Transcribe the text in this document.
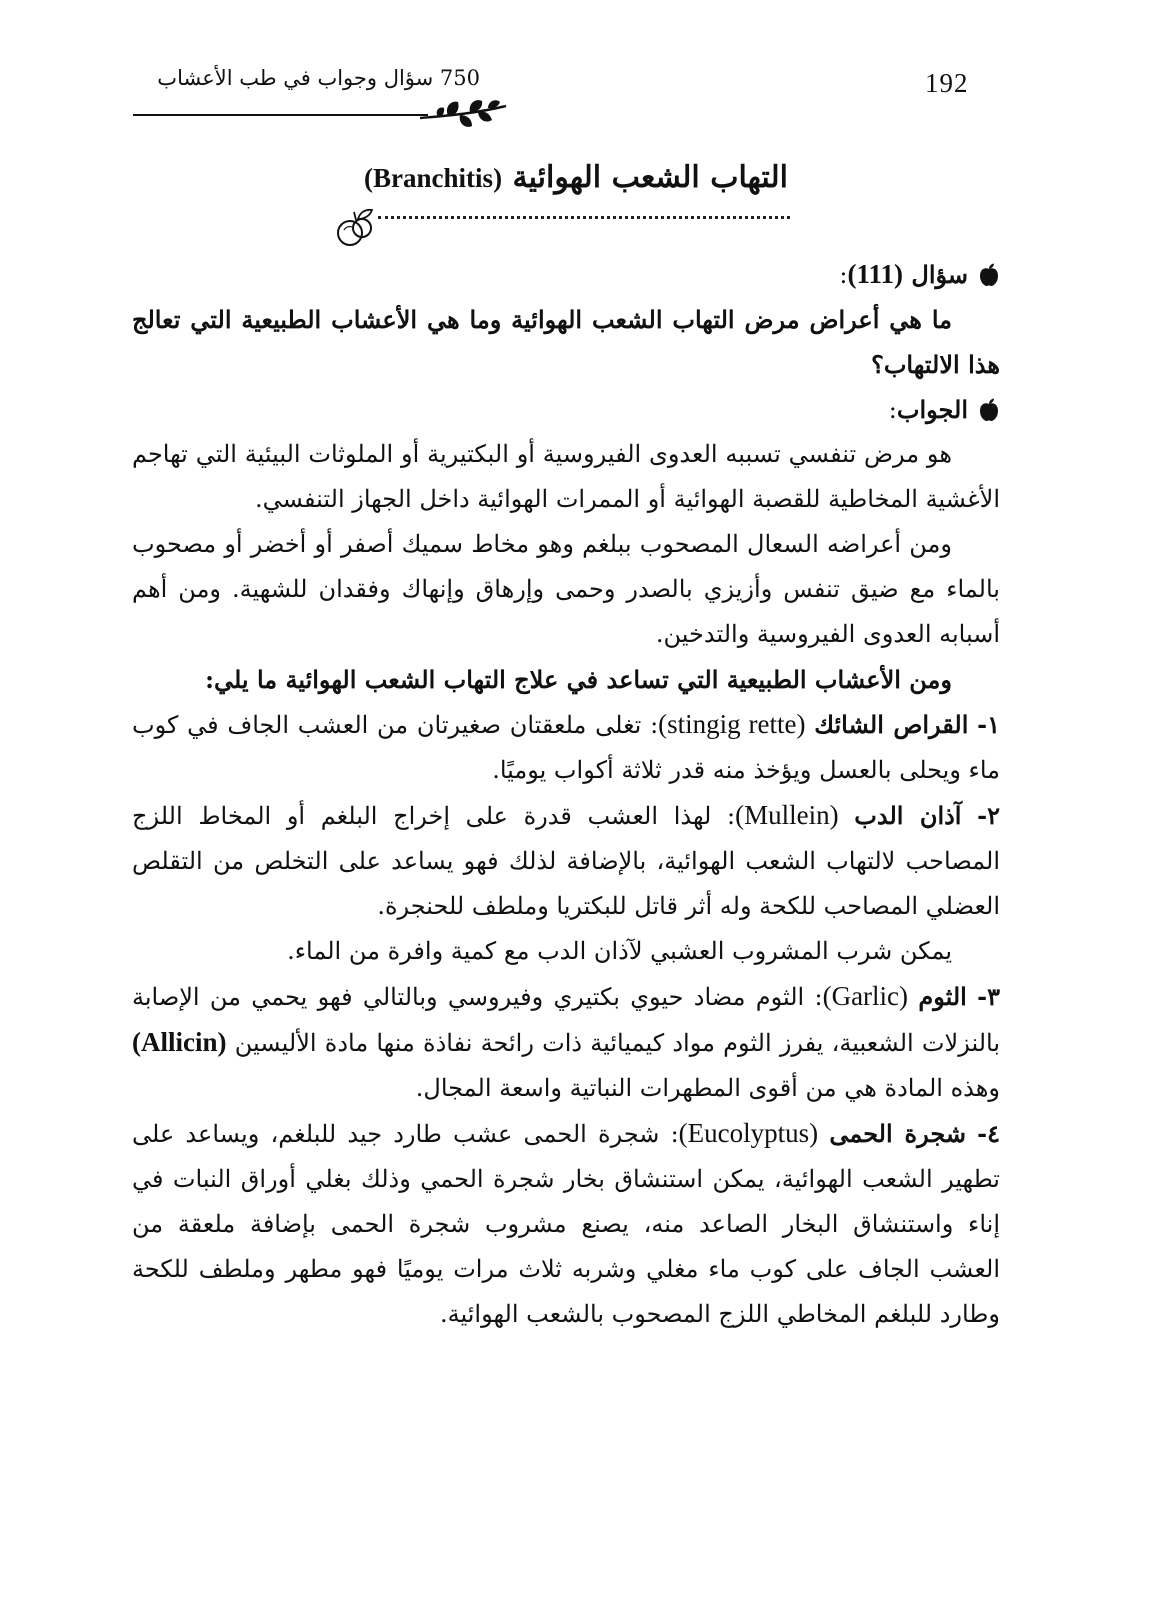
192
750 سؤال وجواب في طب الأعشاب
التهاب الشعب الهوائية (Branchitis)

سؤال (111):

ما هي أعراض مرض التهاب الشعب الهوائية وما هي الأعشاب الطبيعية التي تعالج هذا الالتهاب؟

الجواب:

هو مرض تنفسي تسببه العدوى الفيروسية أو البكتيرية أو الملوثات البيئية التي تهاجم الأغشية المخاطية للقصبة الهوائية أو الممرات الهوائية داخل الجهاز التنفسي.

ومن أعراضه السعال المصحوب ببلغم وهو مخاط سميك أصفر أو أخضر أو مصحوب بالماء مع ضيق تنفس وأزيزي بالصدر وحمى وإرهاق وإنهاك وفقدان للشهية. ومن أهم أسبابه العدوى الفيروسية والتدخين.

ومن الأعشاب الطبيعية التي تساعد في علاج التهاب الشعب الهوائية ما يلي:

١- القراص الشائك (stingig rette): تغلى ملعقتان صغيرتان من العشب الجاف في كوب ماء ويحلى بالعسل ويؤخذ منه قدر ثلاثة أكواب يوميًا.

٢- آذان الدب (Mullein): لهذا العشب قدرة على إخراج البلغم أو المخاط اللزج المصاحب لالتهاب الشعب الهوائية، بالإضافة لذلك فهو يساعد على التخلص من التقلص العضلي المصاحب للكحة وله أثر قاتل للبكتريا وملطف للحنجرة.

يمكن شرب المشروب العشبي لآذان الدب مع كمية وافرة من الماء.

٣- الثوم (Garlic): الثوم مضاد حيوي بكتيري وفيروسي وبالتالي فهو يحمي من الإصابة بالنزلات الشعبية، يفرز الثوم مواد كيميائية ذات رائحة نفاذة منها مادة الأليسين (Allicin) وهذه المادة هي من أقوى المطهرات النباتية واسعة المجال.

٤- شجرة الحمى (Eucolyptus): شجرة الحمى عشب طارد جيد للبلغم، ويساعد على تطهير الشعب الهوائية، يمكن استنشاق بخار شجرة الحمي وذلك بغلي أوراق النبات في إناء واستنشاق البخار الصاعد منه، يصنع مشروب شجرة الحمى بإضافة ملعقة من العشب الجاف على كوب ماء مغلي وشربه ثلاث مرات يوميًا فهو مطهر وملطف للكحة وطارد للبلغم المخاطي اللزج المصحوب بالشعب الهوائية.
